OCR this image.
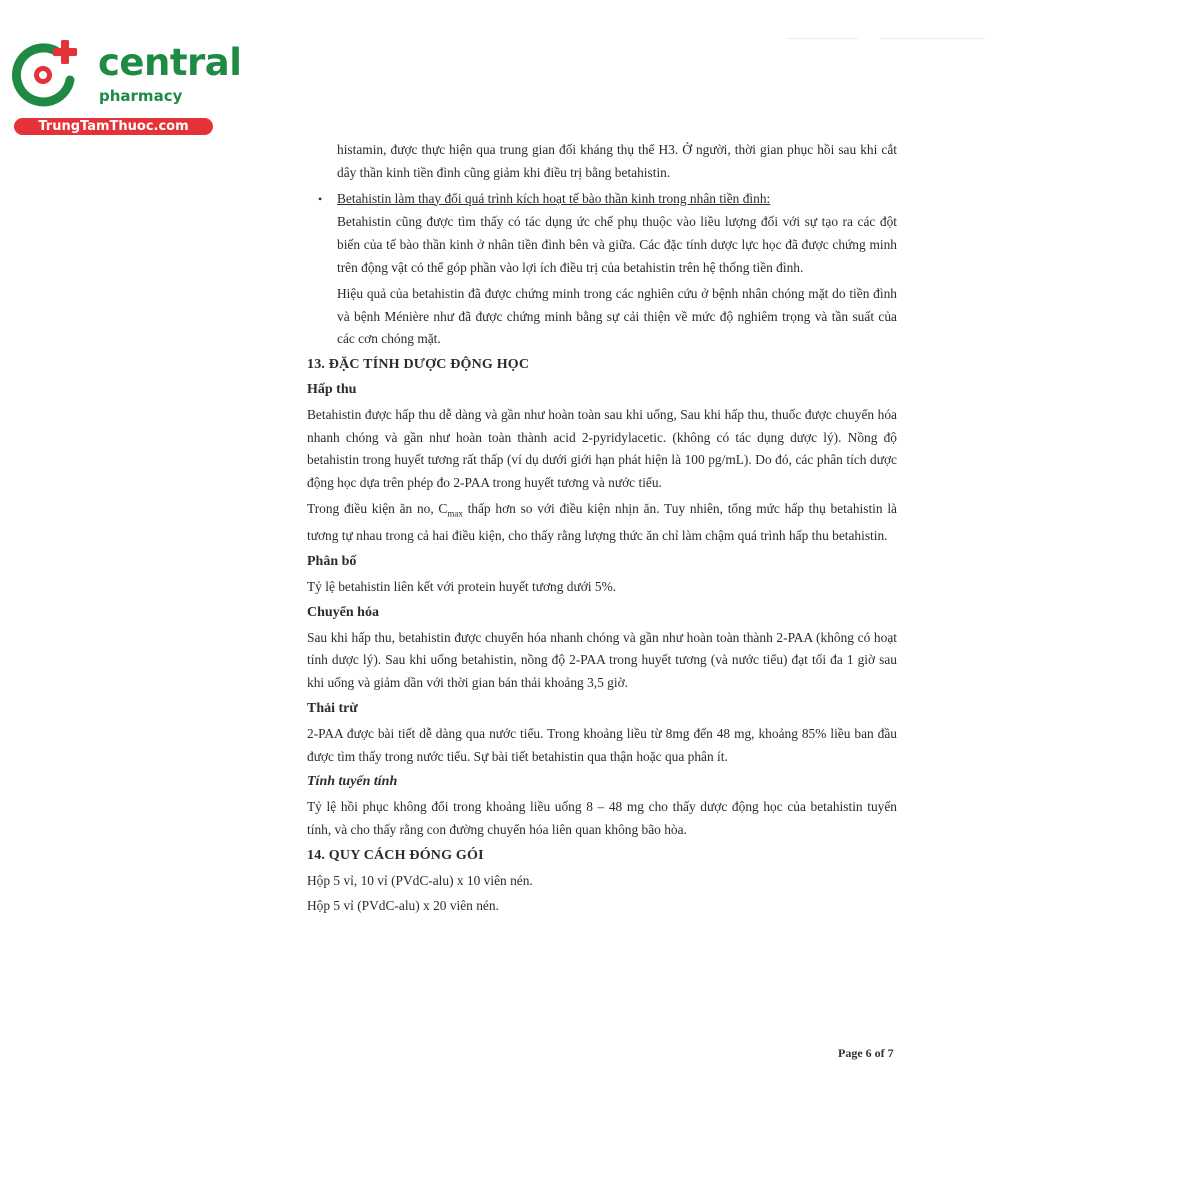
central
pharmacy
TrungTamThuoc.com

histamin, được thực hiện qua trung gian đối kháng thụ thể H3. Ở người, thời gian phục hồi sau khi cắt dây thần kinh tiền đình cũng giảm khi điều trị bằng betahistin.

• Betahistin làm thay đổi quá trình kích hoạt tế bào thần kinh trong nhân tiền đình:

Betahistin cũng được tìm thấy có tác dụng ức chế phụ thuộc vào liều lượng đối với sự tạo ra các đột biến của tế bào thần kinh ở nhân tiền đình bên và giữa. Các đặc tính dược lực học đã được chứng minh trên động vật có thể góp phần vào lợi ích điều trị của betahistin trên hệ thống tiền đình.

Hiệu quả của betahistin đã được chứng minh trong các nghiên cứu ở bệnh nhân chóng mặt do tiền đình và bệnh Ménière như đã được chứng minh bằng sự cải thiện về mức độ nghiêm trọng và tần suất của các cơn chóng mặt.

13. ĐẶC TÍNH DƯỢC ĐỘNG HỌC
Hấp thu

Betahistin được hấp thu dễ dàng và gần như hoàn toàn sau khi uống, Sau khi hấp thu, thuốc được chuyển hóa nhanh chóng và gần như hoàn toàn thành acid 2-pyridylacetic. (không có tác dụng dược lý). Nồng độ betahistin trong huyết tương rất thấp (ví dụ dưới giới hạn phát hiện là 100 pg/mL). Do đó, các phân tích dược động học dựa trên phép đo 2-PAA trong huyết tương và nước tiểu.

Trong điều kiện ăn no, $C_{max}$ thấp hơn so với điều kiện nhịn ăn. Tuy nhiên, tổng mức hấp thụ betahistin là tương tự nhau trong cả hai điều kiện, cho thấy rằng lượng thức ăn chỉ làm chậm quá trình hấp thu betahistin.

Phân bố

Tỷ lệ betahistin liên kết với protein huyết tương dưới 5%.

Chuyển hóa

Sau khi hấp thu, betahistin được chuyển hóa nhanh chóng và gần như hoàn toàn thành 2-PAA (không có hoạt tính dược lý). Sau khi uống betahistin, nồng độ 2-PAA trong huyết tương (và nước tiểu) đạt tối đa 1 giờ sau khi uống và giảm dần với thời gian bán thải khoảng 3,5 giờ.

Thải trừ

2-PAA được bài tiết dễ dàng qua nước tiểu. Trong khoảng liều từ 8mg đến 48 mg, khoảng 85% liều ban đầu được tìm thấy trong nước tiểu. Sự bài tiết betahistin qua thận hoặc qua phân ít.

Tính tuyến tính

Tỷ lệ hồi phục không đổi trong khoảng liều uống 8 – 48 mg cho thấy dược động học của betahistin tuyến tính, và cho thấy rằng con đường chuyển hóa liên quan không bão hòa.

14. QUY CÁCH ĐÓNG GÓI

Hộp 5 vỉ, 10 vỉ (PVdC-alu) x 10 viên nén.

Hộp 5 vỉ (PVdC-alu) x 20 viên nén.

Page 6 of 7
